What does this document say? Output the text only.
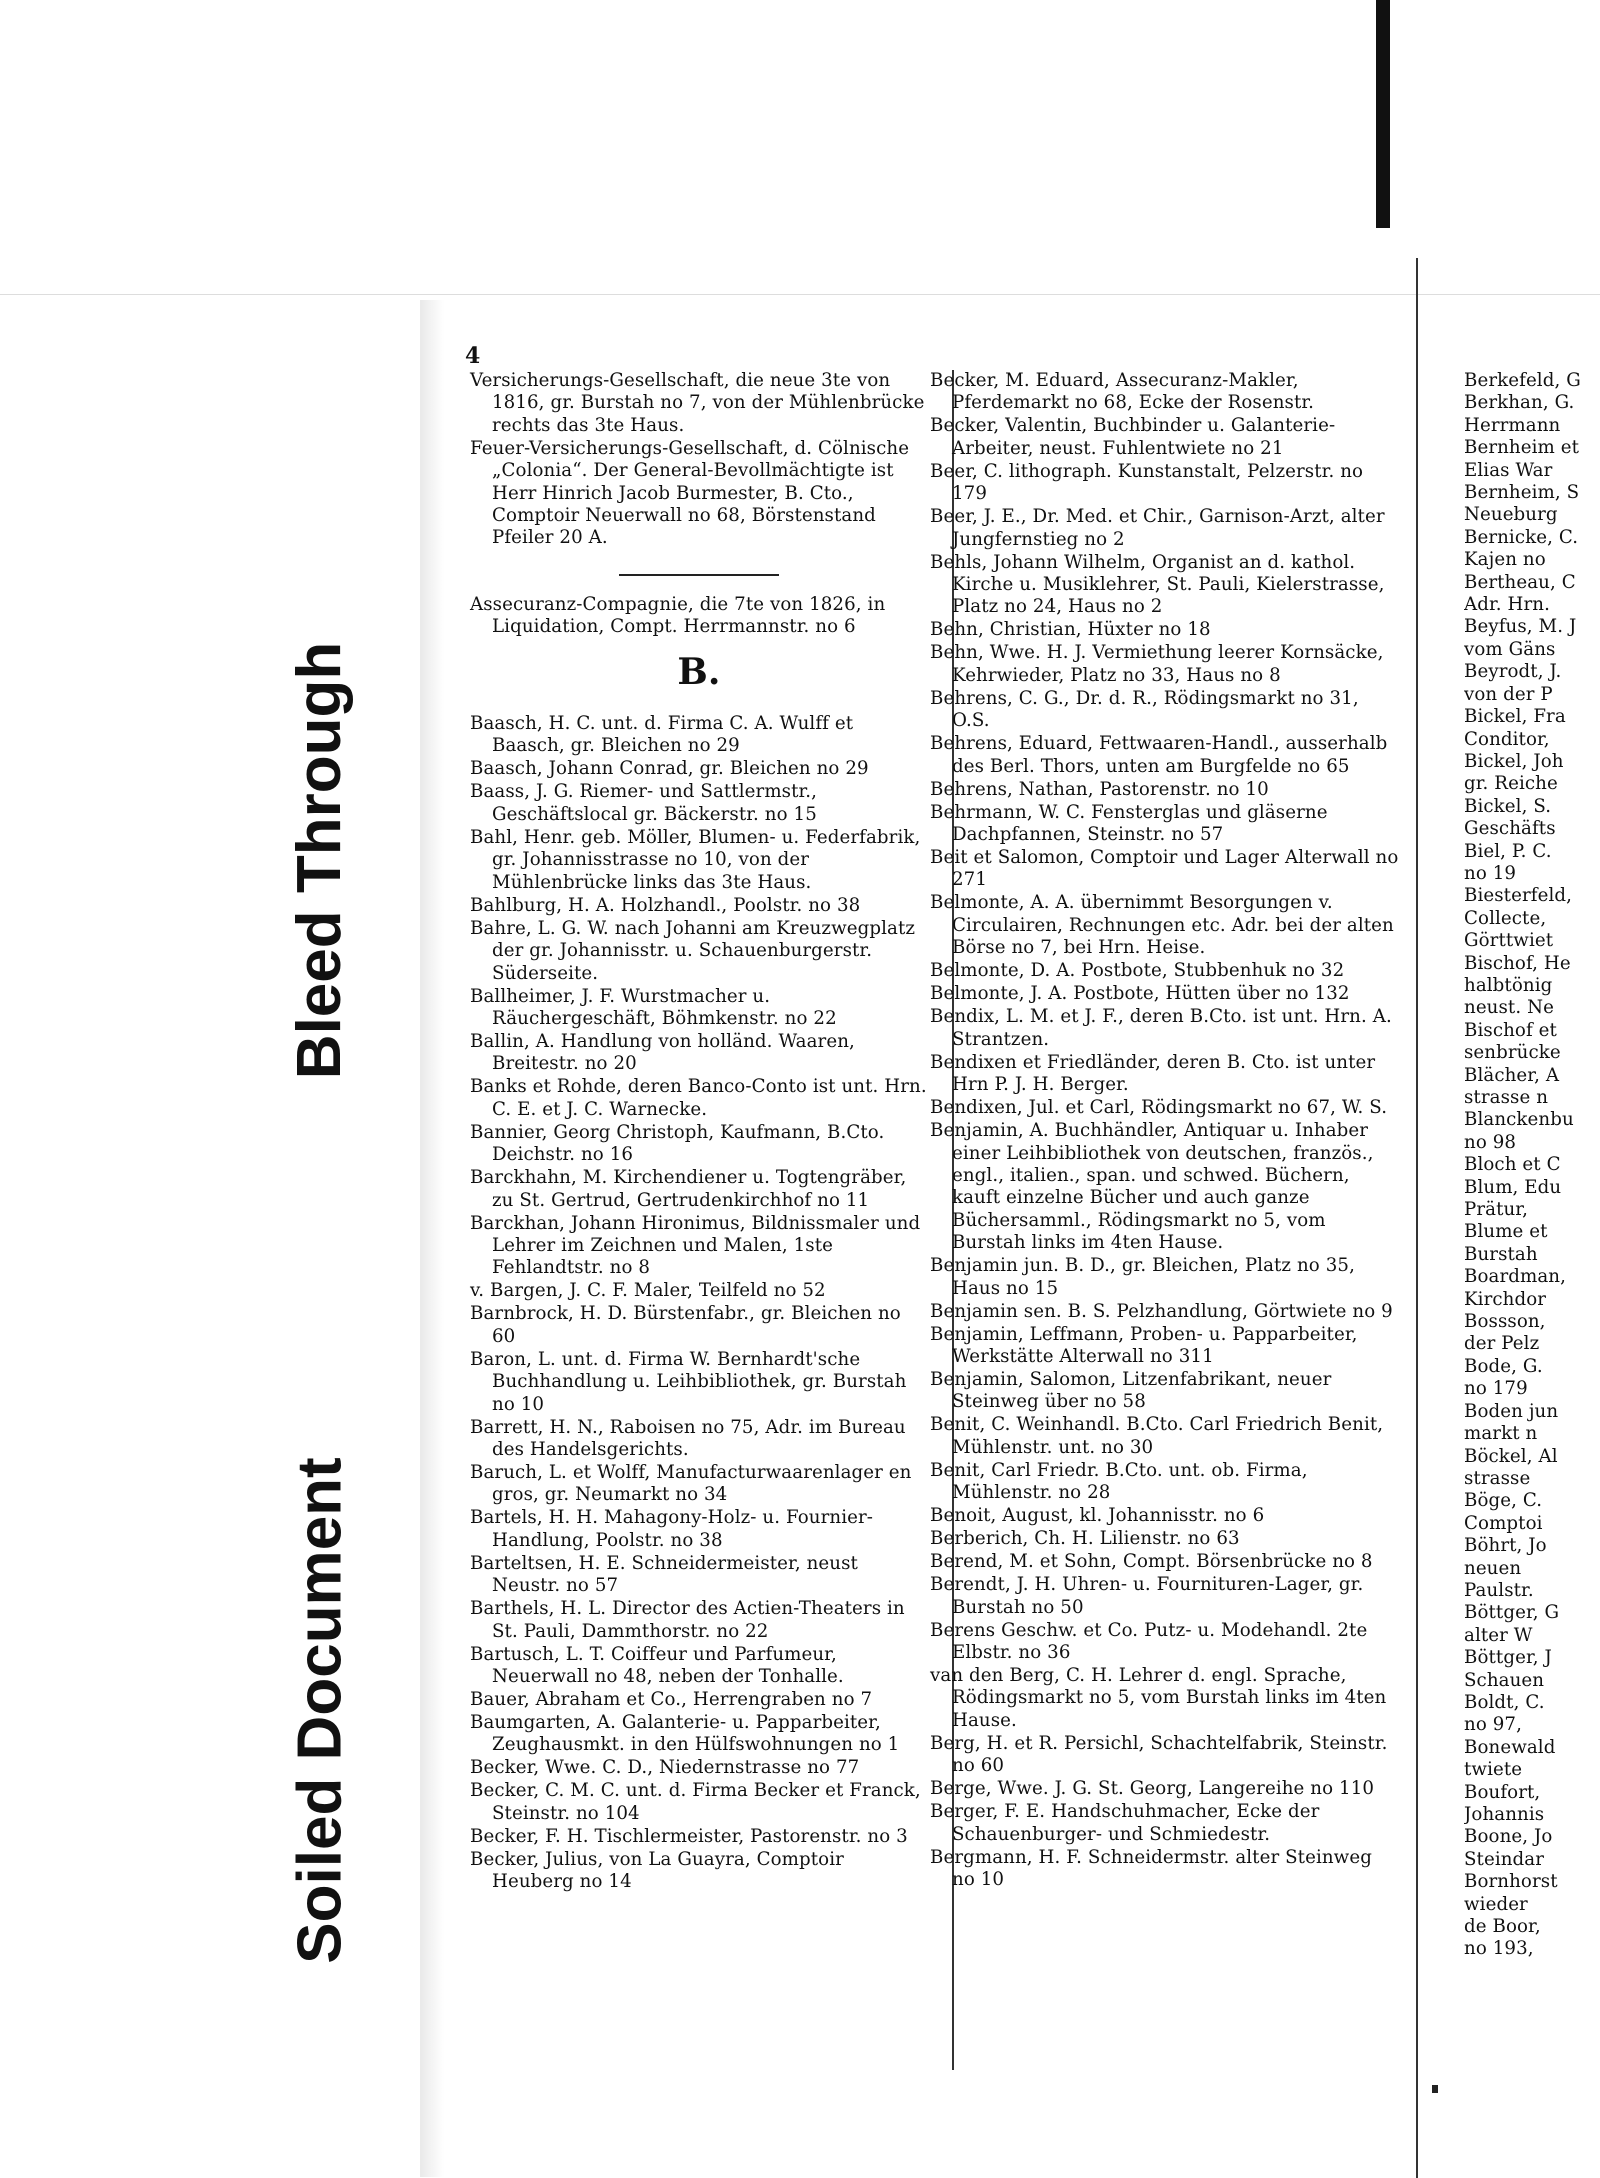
Bleed Through
Soiled Document
4
Versicherungs-Gesellschaft, die neue 3te von 1816, gr. Burstah no 7, von der Mühlenbrücke rechts das 3te Haus.
Feuer-Versicherungs-Gesellschaft, d. Cölnische „Colonia“. Der General-Bevollmächtigte ist Herr Hinrich Jacob Burmester, B. Cto., Comptoir Neuerwall no 68, Börstenstand Pfeiler 20 A.
Assecuranz-Compagnie, die 7te von 1826, in Liquidation, Compt. Herrmannstr. no 6
B.
Baasch, H. C. unt. d. Firma C. A. Wulff et Baasch, gr. Bleichen no 29
Baasch, Johann Conrad, gr. Bleichen no 29
Baass, J. G. Riemer- und Sattlermstr., Geschäftslocal gr. Bäckerstr. no 15
Bahl, Henr. geb. Möller, Blumen- u. Federfabrik, gr. Johannisstrasse no 10, von der Mühlenbrücke links das 3te Haus.
Bahlburg, H. A. Holzhandl., Poolstr. no 38
Bahre, L. G. W. nach Johanni am Kreuzwegplatz der gr. Johannisstr. u. Schauenburgerstr. Süderseite.
Ballheimer, J. F. Wurstmacher u. Räuchergeschäft, Böhmkenstr. no 22
Ballin, A. Handlung von holländ. Waaren, Breitestr. no 20
Banks et Rohde, deren Banco-Conto ist unt. Hrn. C. E. et J. C. Warnecke.
Bannier, Georg Christoph, Kaufmann, B.Cto. Deichstr. no 16
Barckhahn, M. Kirchendiener u. Togtengräber, zu St. Gertrud, Gertrudenkirchhof no 11
Barckhan, Johann Hironimus, Bildnissmaler und Lehrer im Zeichnen und Malen, 1ste Fehlandtstr. no 8
v. Bargen, J. C. F. Maler, Teilfeld no 52
Barnbrock, H. D. Bürstenfabr., gr. Bleichen no 60
Baron, L. unt. d. Firma W. Bernhardt'sche Buchhandlung u. Leihbibliothek, gr. Burstah no 10
Barrett, H. N., Raboisen no 75, Adr. im Bureau des Handelsgerichts.
Baruch, L. et Wolff, Manufacturwaarenlager en gros, gr. Neumarkt no 34
Bartels, H. H. Mahagony-Holz- u. Fournier-Handlung, Poolstr. no 38
Barteltsen, H. E. Schneidermeister, neust Neustr. no 57
Barthels, H. L. Director des Actien-Theaters in St. Pauli, Dammthorstr. no 22
Bartusch, L. T. Coiffeur und Parfumeur, Neuerwall no 48, neben der Tonhalle.
Bauer, Abraham et Co., Herrengraben no 7
Baumgarten, A. Galanterie- u. Papparbeiter, Zeughausmkt. in den Hülfswohnungen no 1
Becker, Wwe. C. D., Niedernstrasse no 77
Becker, C. M. C. unt. d. Firma Becker et Franck, Steinstr. no 104
Becker, F. H. Tischlermeister, Pastorenstr. no 3
Becker, Julius, von La Guayra, Comptoir Heuberg no 14
Becker, M. Eduard, Assecuranz-Makler, Pferdemarkt no 68, Ecke der Rosenstr.
Becker, Valentin, Buchbinder u. Galanterie-Arbeiter, neust. Fuhlentwiete no 21
Beer, C. lithograph. Kunstanstalt, Pelzerstr. no 179
Beer, J. E., Dr. Med. et Chir., Garnison-Arzt, alter Jungfernstieg no 2
Behls, Johann Wilhelm, Organist an d. kathol. Kirche u. Musiklehrer, St. Pauli, Kielerstrasse, Platz no 24, Haus no 2
Behn, Christian, Hüxter no 18
Behn, Wwe. H. J. Vermiethung leerer Kornsäcke, Kehrwieder, Platz no 33, Haus no 8
Behrens, C. G., Dr. d. R., Rödingsmarkt no 31, O.S.
Behrens, Eduard, Fettwaaren-Handl., ausserhalb des Berl. Thors, unten am Burgfelde no 65
Behrens, Nathan, Pastorenstr. no 10
Behrmann, W. C. Fensterglas und gläserne Dachpfannen, Steinstr. no 57
Beit et Salomon, Comptoir und Lager Alterwall no 271
Belmonte, A. A. übernimmt Besorgungen v. Circulairen, Rechnungen etc. Adr. bei der alten Börse no 7, bei Hrn. Heise.
Belmonte, D. A. Postbote, Stubbenhuk no 32
Belmonte, J. A. Postbote, Hütten über no 132
Bendix, L. M. et J. F., deren B.Cto. ist unt. Hrn. A. Strantzen.
Bendixen et Friedländer, deren B. Cto. ist unter Hrn P. J. H. Berger.
Bendixen, Jul. et Carl, Rödingsmarkt no 67, W. S.
Benjamin, A. Buchhändler, Antiquar u. Inhaber einer Leihbibliothek von deutschen, französ., engl., italien., span. und schwed. Büchern, kauft einzelne Bücher und auch ganze Büchersamml., Rödingsmarkt no 5, vom Burstah links im 4ten Hause.
Benjamin jun. B. D., gr. Bleichen, Platz no 35, Haus no 15
Benjamin sen. B. S. Pelzhandlung, Görtwiete no 9
Benjamin, Leffmann, Proben- u. Papparbeiter, Werkstätte Alterwall no 311
Benjamin, Salomon, Litzenfabrikant, neuer Steinweg über no 58
Benit, C. Weinhandl. B.Cto. Carl Friedrich Benit, Mühlenstr. unt. no 30
Benit, Carl Friedr. B.Cto. unt. ob. Firma, Mühlenstr. no 28
Benoit, August, kl. Johannisstr. no 6
Berberich, Ch. H. Lilienstr. no 63
Berend, M. et Sohn, Compt. Börsenbrücke no 8
Berendt, J. H. Uhren- u. Fournituren-Lager, gr. Burstah no 50
Berens Geschw. et Co. Putz- u. Modehandl. 2te Elbstr. no 36
van den Berg, C. H. Lehrer d. engl. Sprache, Rödingsmarkt no 5, vom Burstah links im 4ten Hause.
Berg, H. et R. Persichl, Schachtelfabrik, Steinstr. no 60
Berge, Wwe. J. G. St. Georg, Langereihe no 110
Berger, F. E. Handschuhmacher, Ecke der Schauenburger- und Schmiedestr.
Bergmann, H. F. Schneidermstr. alter Steinweg no 10
Berkefeld, G
Berkhan, G.
Herrmann
Bernheim et
Elias War
Bernheim, S
Neueburg
Bernicke, C.
Kajen no
Bertheau, C
Adr. Hrn.
Beyfus, M. J
vom Gäns
Beyrodt, J.
von der P
Bickel, Fra
Conditor,
Bickel, Joh
gr. Reiche
Bickel, S.
Geschäfts
Biel, P. C.
no 19
Biesterfeld,
Collecte,
Görttwiet
Bischof, He
halbtönig
neust. Ne
Bischof et
senbrücke
Blächer, A
strasse n
Blanckenbu
no 98
Bloch et C
Blum, Edu
Prätur,
Blume et
Burstah
Boardman,
Kirchdor
Bossson,
der Pelz
Bode, G.
no 179
Boden jun
markt n
Böckel, Al
strasse
Böge, C.
Comptoi
Böhrt, Jo
neuen
Paulstr.
Böttger, G
alter W
Böttger, J
Schauen
Boldt, C.
no 97,
Bonewald
twiete
Boufort,
Johannis
Boone, Jo
Steindar
Bornhorst
wieder
de Boor,
no 193,
